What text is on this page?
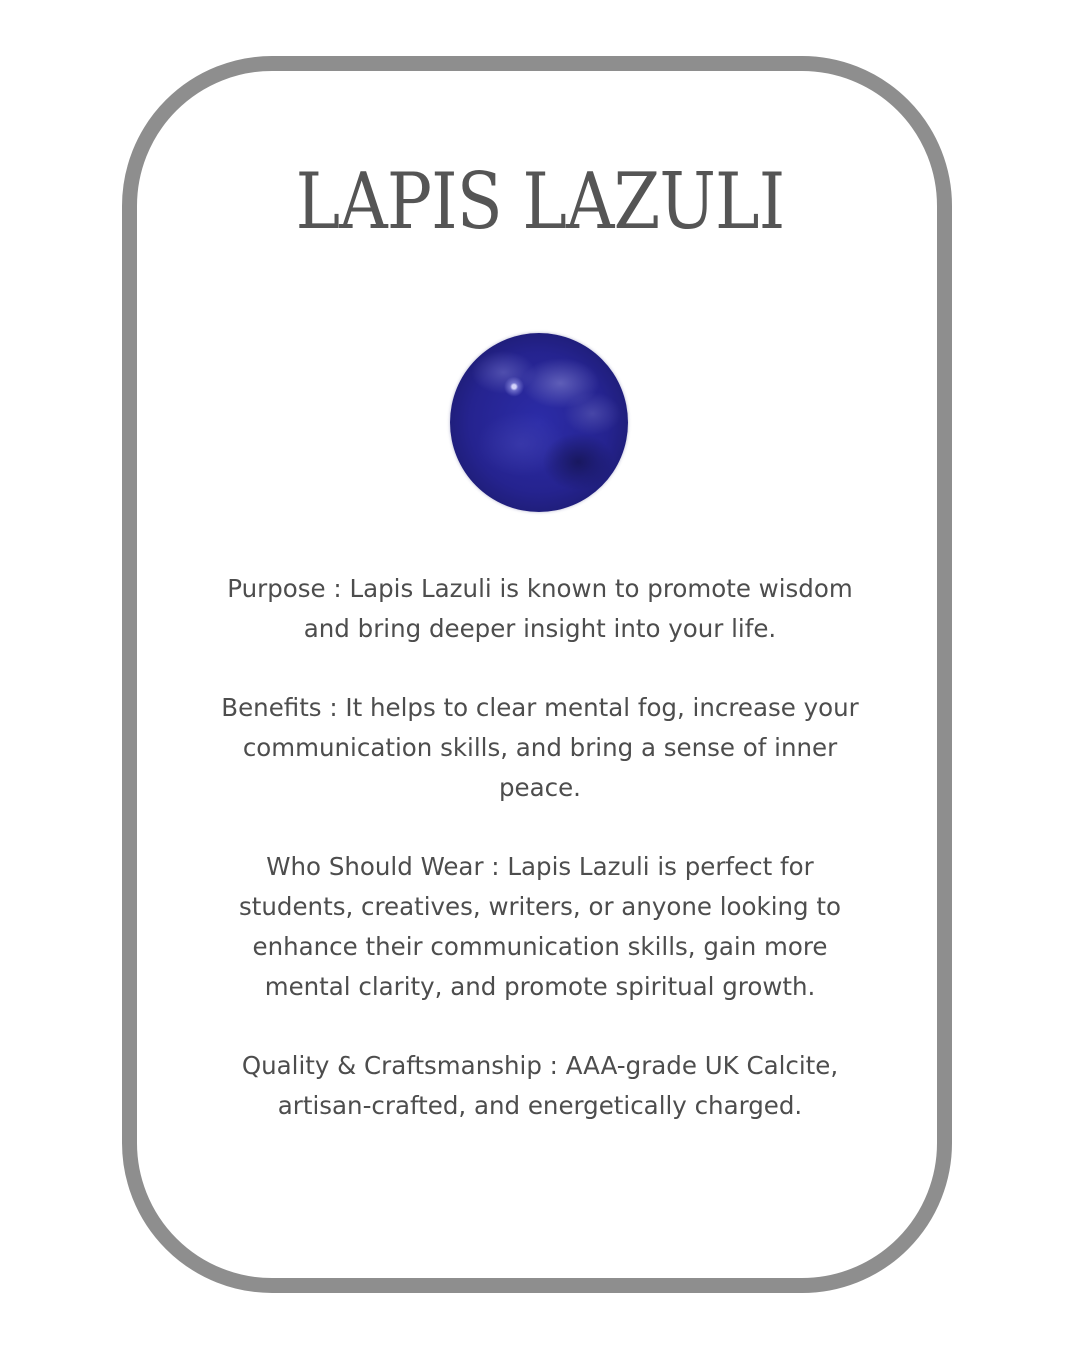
LAPIS LAZULI

Purpose : Lapis Lazuli is known to promote wisdom
and bring deeper insight into your life.

Benefits : It helps to clear mental fog, increase your
communication skills, and bring a sense of inner
peace.

Who Should Wear : Lapis Lazuli is perfect for
students, creatives, writers, or anyone looking to
enhance their communication skills, gain more
mental clarity, and promote spiritual growth.

Quality & Craftsmanship : AAA-grade UK Calcite,
artisan-crafted, and energetically charged.
